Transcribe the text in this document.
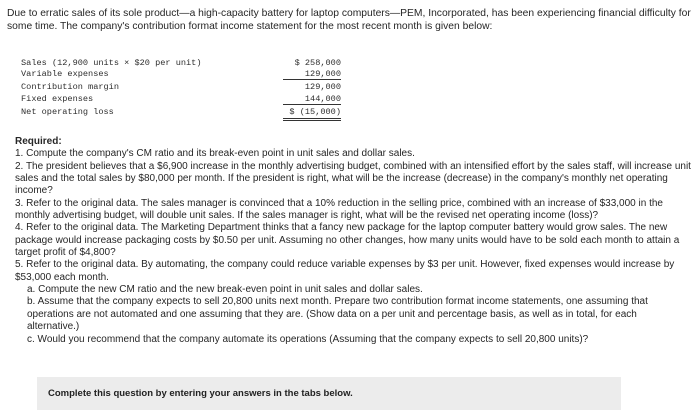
Due to erratic sales of its sole product—a high-capacity battery for laptop computers—PEM, Incorporated, has been experiencing financial difficulty for some time. The company's contribution format income statement for the most recent month is given below:
Sales (12,900 units × $20 per unit)	$ 258,000
Variable expenses	129,000
Contribution margin	129,000
Fixed expenses	144,000
Net operating loss	$ (15,000)

Required:

1. Compute the company's CM ratio and its break-even point in unit sales and dollar sales.

2. The president believes that a $6,900 increase in the monthly advertising budget, combined with an intensified effort by the sales staff, will increase unit sales and the total sales by $80,000 per month. If the president is right, what will be the increase (decrease) in the company's monthly net operating income?

3. Refer to the original data. The sales manager is convinced that a 10% reduction in the selling price, combined with an increase of $33,000 in the monthly advertising budget, will double unit sales. If the sales manager is right, what will be the revised net operating income (loss)?

4. Refer to the original data. The Marketing Department thinks that a fancy new package for the laptop computer battery would grow sales. The new package would increase packaging costs by $0.50 per unit. Assuming no other changes, how many units would have to be sold each month to attain a target profit of $4,800?

5. Refer to the original data. By automating, the company could reduce variable expenses by $3 per unit. However, fixed expenses would increase by $53,000 each month.

a. Compute the new CM ratio and the new break-even point in unit sales and dollar sales.

b. Assume that the company expects to sell 20,800 units next month. Prepare two contribution format income statements, one assuming that operations are not automated and one assuming that they are. (Show data on a per unit and percentage basis, as well as in total, for each alternative.)

c. Would you recommend that the company automate its operations (Assuming that the company expects to sell 20,800 units)?

Complete this question by entering your answers in the tabs below.
